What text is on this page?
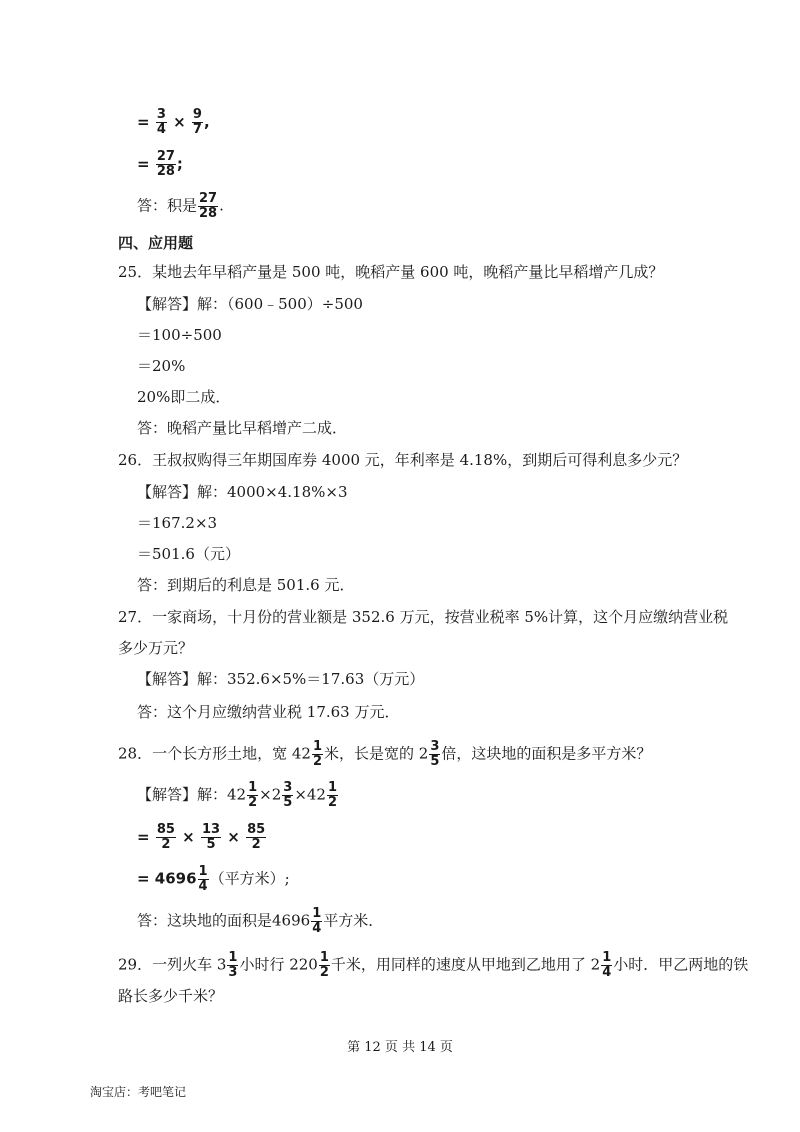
= $\frac{3}{4} \times \frac{9}{7}$ ,
= $\frac{27}{28}$ ;
答：积是 $\frac{27}{28}$ .
四、应用题
25．某地去年早稻产量是 500 吨，晚稻产量 600 吨，晚稻产量比早稻增产几成？
【解答】解：（600﹣500）÷500
＝100÷500
＝20%
20%即二成．
答：晚稻产量比早稻增产二成．
26．王叔叔购得三年期国库券 4000 元，年利率是 4.18%，到期后可得利息多少元？
【解答】解：4000×4.18%×3
＝167.2×3
＝501.6（元）
答：到期后的利息是 501.6 元．
27．一家商场，十月份的营业额是 352.6 万元，按营业税率 5%计算，这个月应缴纳营业税
多少万元？
【解答】解：352.6×5%＝17.63（万元）
答：这个月应缴纳营业税 17.63 万元．
28．一个长方形土地，宽 $42 \frac{1}{2}$ 米，长是宽的 $2 \frac{3}{5}$ 倍，这块地的面积是多平方米？
【解答】解：$42 \frac{1}{2} \times 2 \frac{3}{5} \times 42 \frac{1}{2}$
= $\frac{85}{2} \times \frac{13}{5} \times \frac{85}{2}$
= $4696 \frac{1}{4}$ （平方米）;
答：这块地的面积是$4696 \frac{1}{4}$ 平方米．
29．一列火车 $3 \frac{1}{3}$ 小时行 $220 \frac{1}{2}$ 千米，用同样的速度从甲地到乙地用了 $2 \frac{1}{4}$ 小时．甲乙两地的铁
路长多少千米？
第 12 页 共 14 页
淘宝店：考吧笔记
